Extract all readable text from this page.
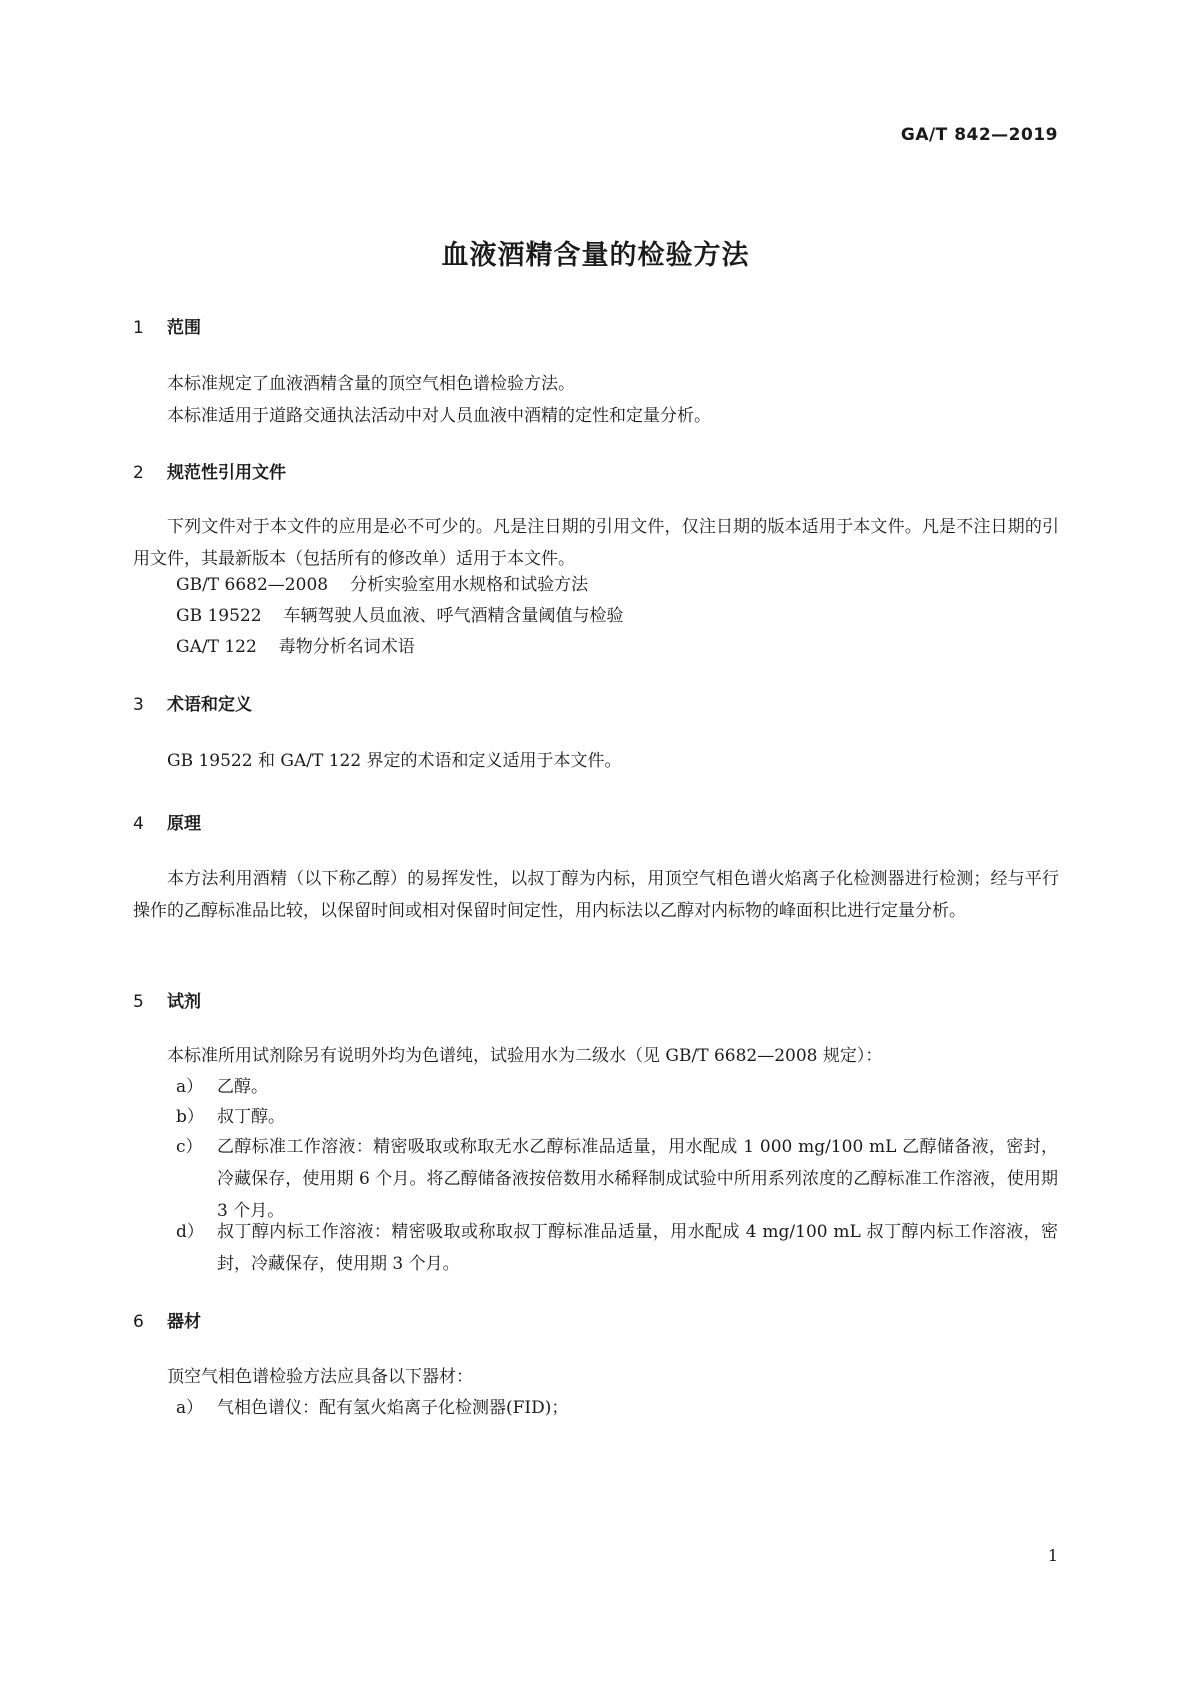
GA/T 842—2019
血液酒精含量的检验方法
1 范围
本标准规定了血液酒精含量的顶空气相色谱检验方法。
本标准适用于道路交通执法活动中对人员血液中酒精的定性和定量分析。
2 规范性引用文件
下列文件对于本文件的应用是必不可少的。凡是注日期的引用文件，仅注日期的版本适用于本文件。凡是不注日期的引用文件，其最新版本（包括所有的修改单）适用于本文件。
GB/T 6682—2008 分析实验室用水规格和试验方法
GB 19522 车辆驾驶人员血液、呼气酒精含量阈值与检验
GA/T 122 毒物分析名词术语
3 术语和定义
GB 19522 和 GA/T 122 界定的术语和定义适用于本文件。
4 原理
本方法利用酒精（以下称乙醇）的易挥发性，以叔丁醇为内标，用顶空气相色谱火焰离子化检测器进行检测；经与平行操作的乙醇标准品比较，以保留时间或相对保留时间定性，用内标法以乙醇对内标物的峰面积比进行定量分析。
5 试剂
本标准所用试剂除另有说明外均为色谱纯，试验用水为二级水（见 GB/T 6682—2008 规定）：
a） 乙醇。
b） 叔丁醇。
c） 乙醇标准工作溶液：精密吸取或称取无水乙醇标准品适量，用水配成 1 000 mg/100 mL 乙醇储备液，密封，冷藏保存，使用期 6 个月。将乙醇储备液按倍数用水稀释制成试验中所用系列浓度的乙醇标准工作溶液，使用期 3 个月。
d） 叔丁醇内标工作溶液：精密吸取或称取叔丁醇标准品适量，用水配成 4 mg/100 mL 叔丁醇内标工作溶液，密封，冷藏保存，使用期 3 个月。
6 器材
顶空气相色谱检验方法应具备以下器材：
a） 气相色谱仪：配有氢火焰离子化检测器(FID)；
1
